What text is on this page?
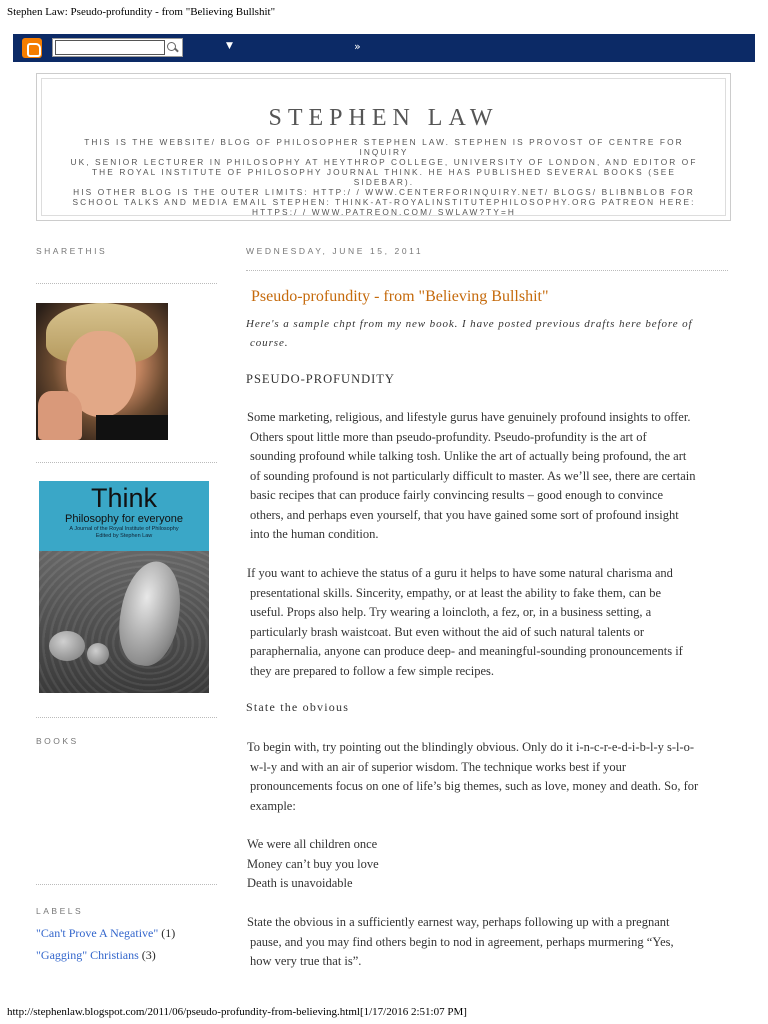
Stephen Law: Pseudo-profundity - from "Believing Bullshit"
▼	»
STEPHEN LAW
THIS IS THE WEBSITE/ BLOG OF PHILOSOPHER STEPHEN LAW. STEPHEN IS PROVOST OF CENTRE FOR INQUIRY
UK, SENIOR LECTURER IN PHILOSOPHY AT HEYTHROP COLLEGE, UNIVERSITY OF LONDON, AND EDITOR OF
THE ROYAL INSTITUTE OF PHILOSOPHY JOURNAL THINK. HE HAS PUBLISHED SEVERAL BOOKS (SEE SIDEBAR).
HIS OTHER BLOG IS THE OUTER LIMITS: HTTP:/ / WWW.CENTERFORINQUIRY.NET/ BLOGS/ BLIBNBLOB FOR
SCHOOL TALKS AND MEDIA EMAIL STEPHEN: THINK-AT-ROYALINSTITUTEPHILOSOPHY.ORG PATREON HERE:
HTTPS:/ / WWW.PATREON.COM/ SWLAW?TY=H
SHARETHIS
Think
Philosophy for everyone
A Journal of the Royal Institute of Philosophy
Edited by Stephen Law
BOOKS
LABELS
"Can't Prove A Negative" (1)
"Gagging" Christians (3)
WEDNESDAY, JUNE 15, 2011
Pseudo-profundity - from "Believing Bullshit"
Here's a sample chpt from my new book. I have posted previous drafts here before of
course.
PSEUDO-PROFUNDITY
Some marketing, religious, and lifestyle gurus have genuinely profound insights to offer.
Others spout little more than pseudo-profundity. Pseudo-profundity is the art of
sounding profound while talking tosh. Unlike the art of actually being profound, the art
of sounding profound is not particularly difficult to master. As we’ll see, there are certain
basic recipes that can produce fairly convincing results – good enough to convince
others, and perhaps even yourself, that you have gained some sort of profound insight
into the human condition.
If you want to achieve the status of a guru it helps to have some natural charisma and
presentational skills. Sincerity, empathy, or at least the ability to fake them, can be
useful. Props also help. Try wearing a loincloth, a fez, or, in a business setting, a
particularly brash waistcoat. But even without the aid of such natural talents or
paraphernalia, anyone can produce deep- and meaningful-sounding pronouncements if
they are prepared to follow a few simple recipes.
State the obvious
To begin with, try pointing out the blindingly obvious. Only do it i-n-c-r-e-d-i-b-l-y s-l-o-
w-l-y and with an air of superior wisdom. The technique works best if your
pronouncements focus on one of life’s big themes, such as love, money and death. So, for
example:
We were all children once
Money can’t buy you love
Death is unavoidable
State the obvious in a sufficiently earnest way, perhaps following up with a pregnant
pause, and you may find others begin to nod in agreement, perhaps murmering “Yes,
how very true that is”.
http://stephenlaw.blogspot.com/2011/06/pseudo-profundity-from-believing.html[1/17/2016 2:51:07 PM]
